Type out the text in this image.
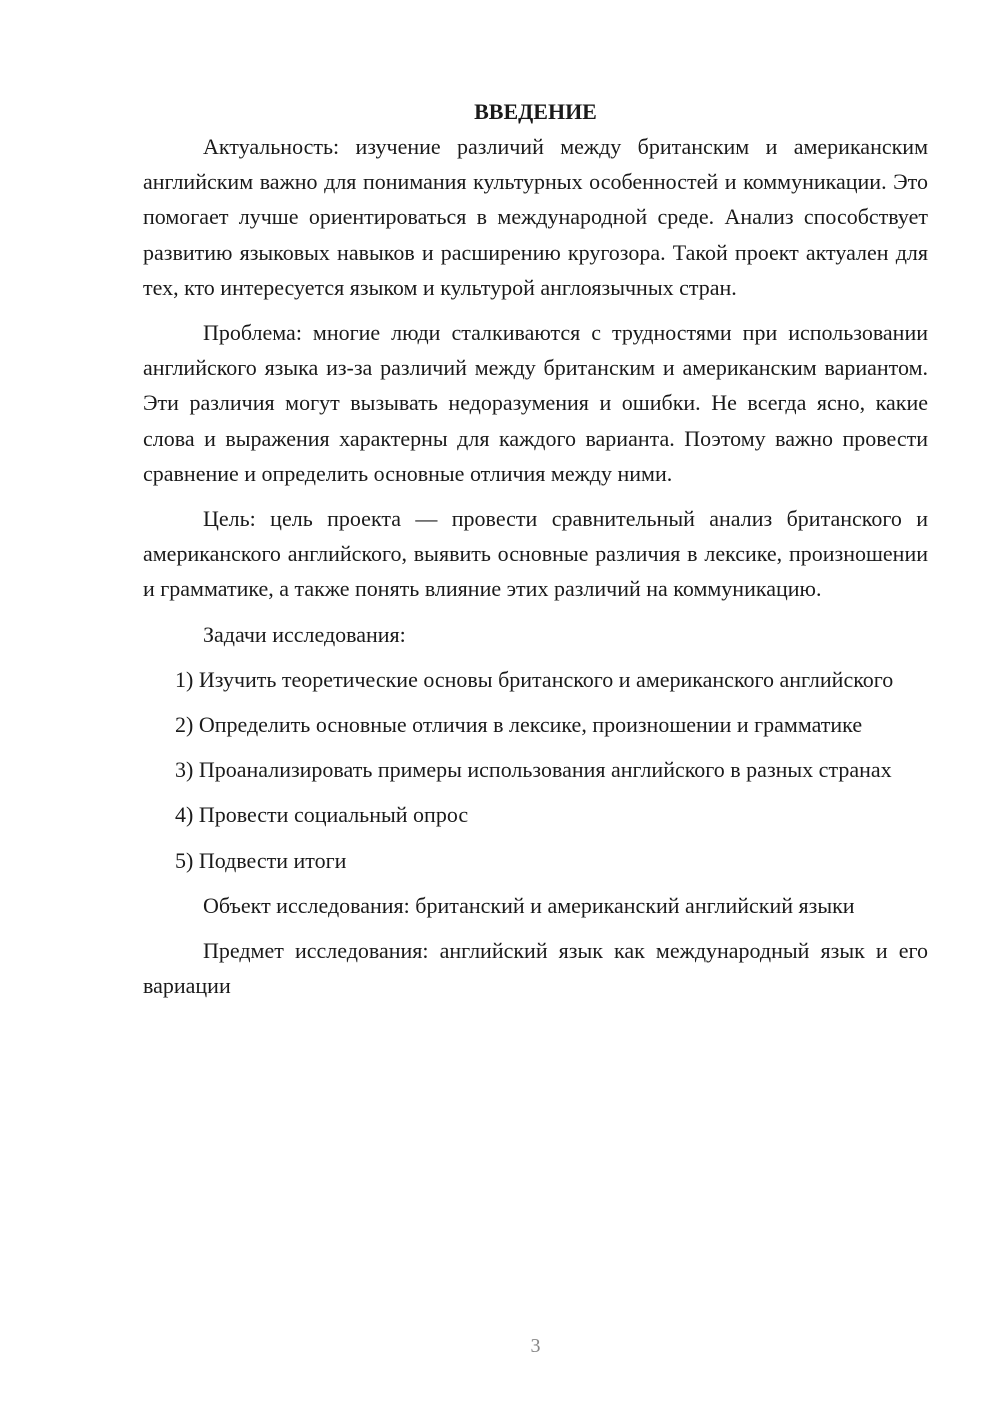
ВВЕДЕНИЕ

Актуальность: изучение различий между британским и американским английским важно для понимания культурных особенностей и коммуникации. Это помогает лучше ориентироваться в международной среде. Анализ способствует развитию языковых навыков и расширению кругозора. Такой проект актуален для тех, кто интересуется языком и культурой англоязычных стран.

Проблема: многие люди сталкиваются с трудностями при использовании английского языка из-за различий между британским и американским вариантом. Эти различия могут вызывать недоразумения и ошибки. Не всегда ясно, какие слова и выражения характерны для каждого варианта. Поэтому важно провести сравнение и определить основные отличия между ними.

Цель: цель проекта — провести сравнительный анализ британского и американского английского, выявить основные различия в лексике, произношении и грамматике, а также понять влияние этих различий на коммуникацию.

Задачи исследования:

1) Изучить теоретические основы британского и американского английского

2) Определить основные отличия в лексике, произношении и грамматике

3) Проанализировать примеры использования английского в разных странах

4) Провести социальный опрос

5) Подвести итоги

Объект исследования: британский и американский английский языки

Предмет исследования: английский язык как международный язык и его вариации

3
